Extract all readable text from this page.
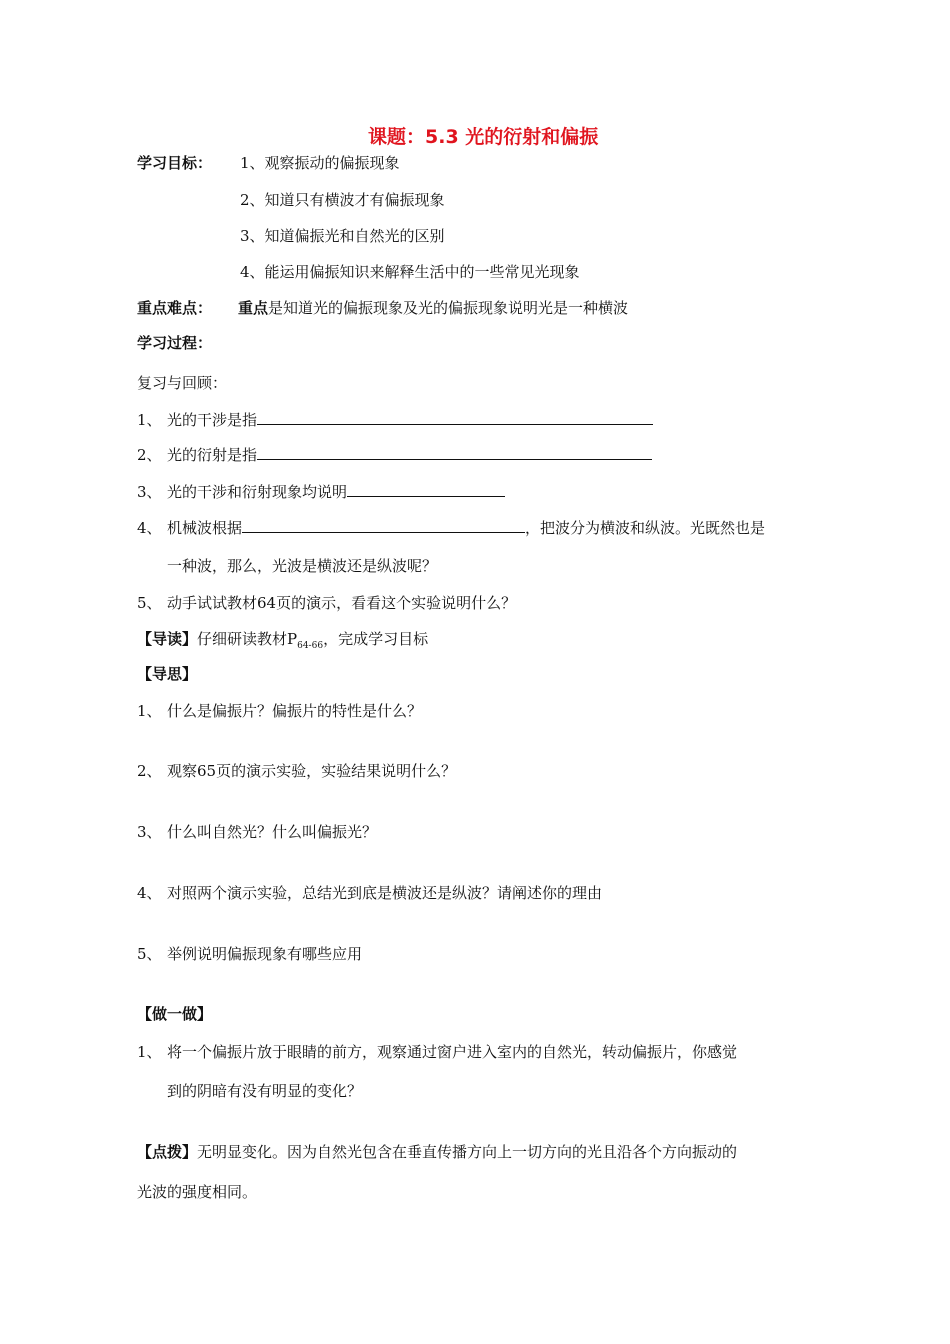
课题：5.3 光的衍射和偏振
学习目标： 1、观察振动的偏振现象
2、知道只有横波才有偏振现象
3、知道偏振光和自然光的区别
4、能运用偏振知识来解释生活中的一些常见光现象
重点难点： 重点是知道光的偏振现象及光的偏振现象说明光是一种横波
学习过程：
复习与回顾：
1、 光的干涉是指
2、 光的衍射是指
3、 光的干涉和衍射现象均说明
4、 机械波根据	，把波分为横波和纵波。光既然也是
一种波，那么，光波是横波还是纵波呢？
5、 动手试试教材64页的演示，看看这个实验说明什么？
【导读】仔细研读教材$P_{64-66}$，完成学习目标
【导思】
1、 什么是偏振片？偏振片的特性是什么？
2、 观察65页的演示实验，实验结果说明什么？
3、 什么叫自然光？什么叫偏振光？
4、 对照两个演示实验，总结光到底是横波还是纵波？请阐述你的理由
5、 举例说明偏振现象有哪些应用
【做一做】
1、 将一个偏振片放于眼睛的前方，观察通过窗户进入室内的自然光，转动偏振片，你感觉
到的阴暗有没有明显的变化？
【点拨】无明显变化。因为自然光包含在垂直传播方向上一切方向的光且沿各个方向振动的
光波的强度相同。
